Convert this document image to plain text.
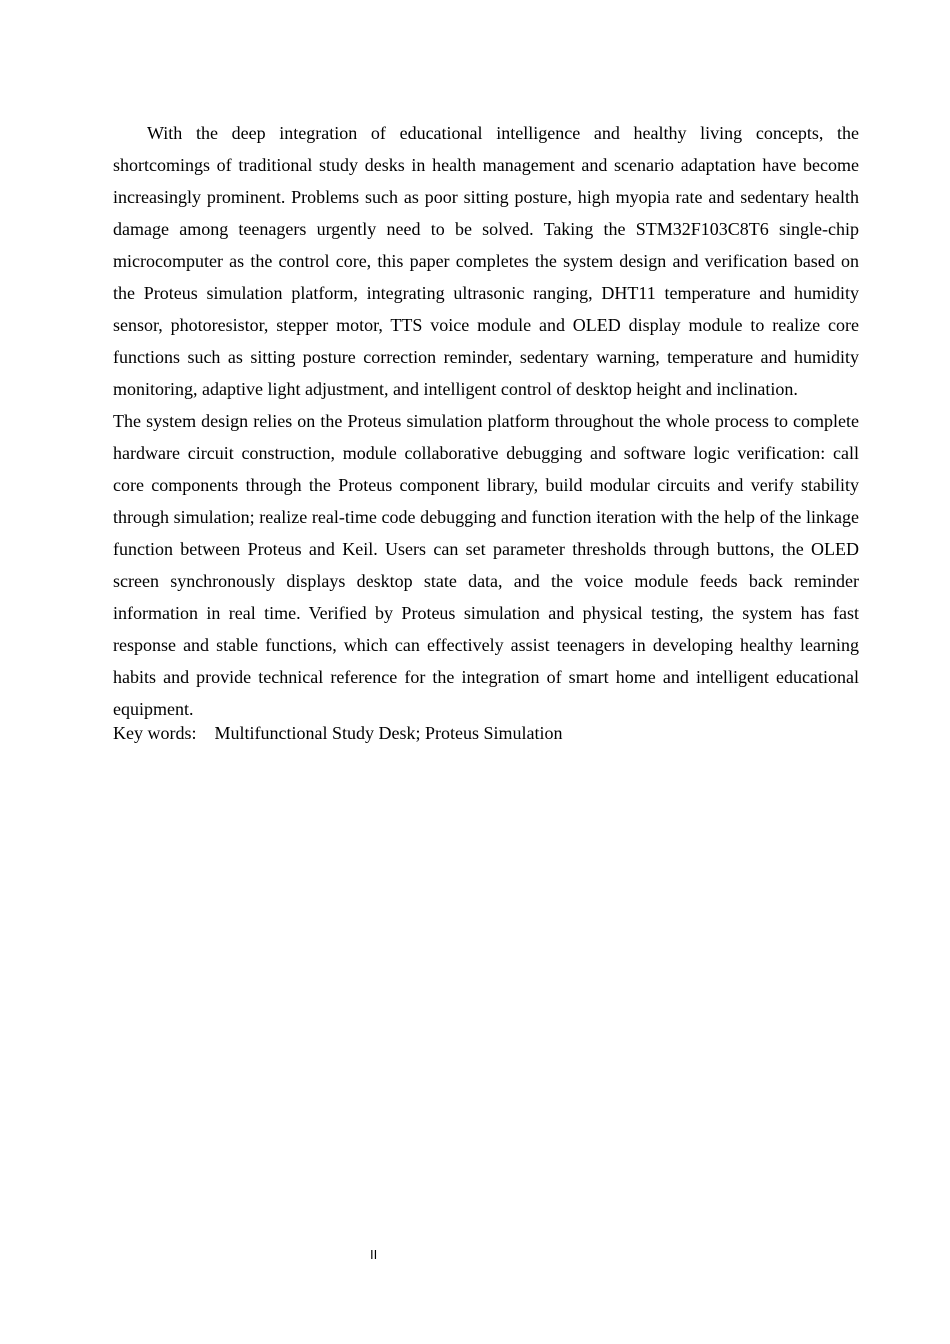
With the deep integration of educational intelligence and healthy living concepts, the shortcomings of traditional study desks in health management and scenario adaptation have become increasingly prominent. Problems such as poor sitting posture, high myopia rate and sedentary health damage among teenagers urgently need to be solved. Taking the STM32F103C8T6 single-chip microcomputer as the control core, this paper completes the system design and verification based on the Proteus simulation platform, integrating ultrasonic ranging, DHT11 temperature and humidity sensor, photoresistor, stepper motor, TTS voice module and OLED display module to realize core functions such as sitting posture correction reminder, sedentary warning, temperature and humidity monitoring, adaptive light adjustment, and intelligent control of desktop height and inclination.

The system design relies on the Proteus simulation platform throughout the whole process to complete hardware circuit construction, module collaborative debugging and software logic verification: call core components through the Proteus component library, build modular circuits and verify stability through simulation; realize real-time code debugging and function iteration with the help of the linkage function between Proteus and Keil. Users can set parameter thresholds through buttons, the OLED screen synchronously displays desktop state data, and the voice module feeds back reminder information in real time. Verified by Proteus simulation and physical testing, the system has fast response and stable functions, which can effectively assist teenagers in developing healthy learning habits and provide technical reference for the integration of smart home and intelligent educational equipment.

Key words: Multifunctional Study Desk; Proteus Simulation

II
